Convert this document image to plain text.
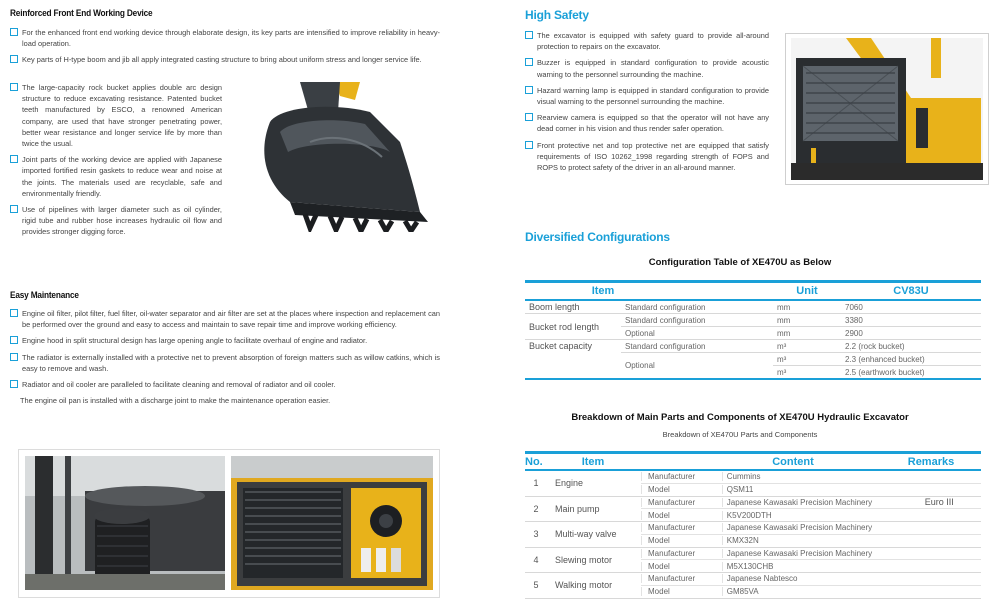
Reinforced Front End Working Device
For the enhanced front end working device through elaborate design, its key parts are intensified to improve reliability in heavy-load operation.
Key parts of H-type boom and jib all apply integrated casting structure to bring about uniform stress and longer service life.
The large-capacity rock bucket applies double arc design structure to reduce excavating resistance. Patented bucket teeth manufactured by ESCO, a renowned American company, are used that have stronger penetrating power, better wear resistance and longer service life by more than twice the usual.
Joint parts of the working device are applied with Japanese imported fortified resin gaskets to reduce wear and noise at the joints. The materials used are recyclable, safe and environmentally friendly.
Use of pipelines with larger diameter such as oil cylinder, rigid tube and rubber hose increases hydraulic oil flow and provides stronger digging force.
Easy Maintenance
Engine oil filter, pilot filter, fuel filter, oil-water separator and air filter are set at the places where inspection and replacement can be performed over the ground and easy to access and maintain to save repair time and improve working efficiency.
Engine hood in split structural design has large opening angle to facilitate overhaul of engine and radiator.
The radiator is externally installed with a protective net to prevent absorption of foreign matters such as willow catkins, which is easy to remove and wash.
Radiator and oil cooler are paralleled to facilitate cleaning and removal of radiator and oil cooler.
The engine oil pan is installed with a discharge joint to make the maintenance operation easier.
High Safety
The excavator is equipped with safety guard to provide all-around protection to repairs on the excavator.
Buzzer is equipped in standard configuration to provide acoustic warning to the personnel surrounding the machine.
Hazard warning lamp is equipped in standard configuration to provide visual warning to the personnel surrounding the machine.
Rearview camera is equipped so that the operator will not have any dead corner in his vision and thus render safer operation.
Front protective net and top protective net are equipped that satisfy requirements of ISO 10262_1998 regarding strength of FOPS and ROPS to protect safety of the driver in an all-around manner.
Diversified Configurations
Configuration Table of XE470U as Below
Item	Unit	CV83U
Boom length	Standard configuration	mm	7060
Bucket rod length	Standard configuration	mm	3380
	Optional	mm	2900
Bucket capacity	Standard configuration	m³	2.2 (rock bucket)
	Optional	m³	2.3 (enhanced bucket)
		m³	2.5 (earthwork bucket)
Breakdown of Main Parts and Components of XE470U Hydraulic Excavator
Breakdown of XE470U Parts and Components
No.	Item	Content	Remarks
1	Engine
Manufacturer	Cummins
Model	QSM11
2	Main pump
Manufacturer	Japanese Kawasaki Precision Machinery	Euro III
Model	K5V200DTH
3	Multi-way valve
Manufacturer	Japanese Kawasaki Precision Machinery
Model	KMX32N
4	Slewing motor
Manufacturer	Japanese Kawasaki Precision Machinery
Model	M5X130CHB
5	Walking motor
Manufacturer	Japanese Nabtesco
Model	GM85VA
